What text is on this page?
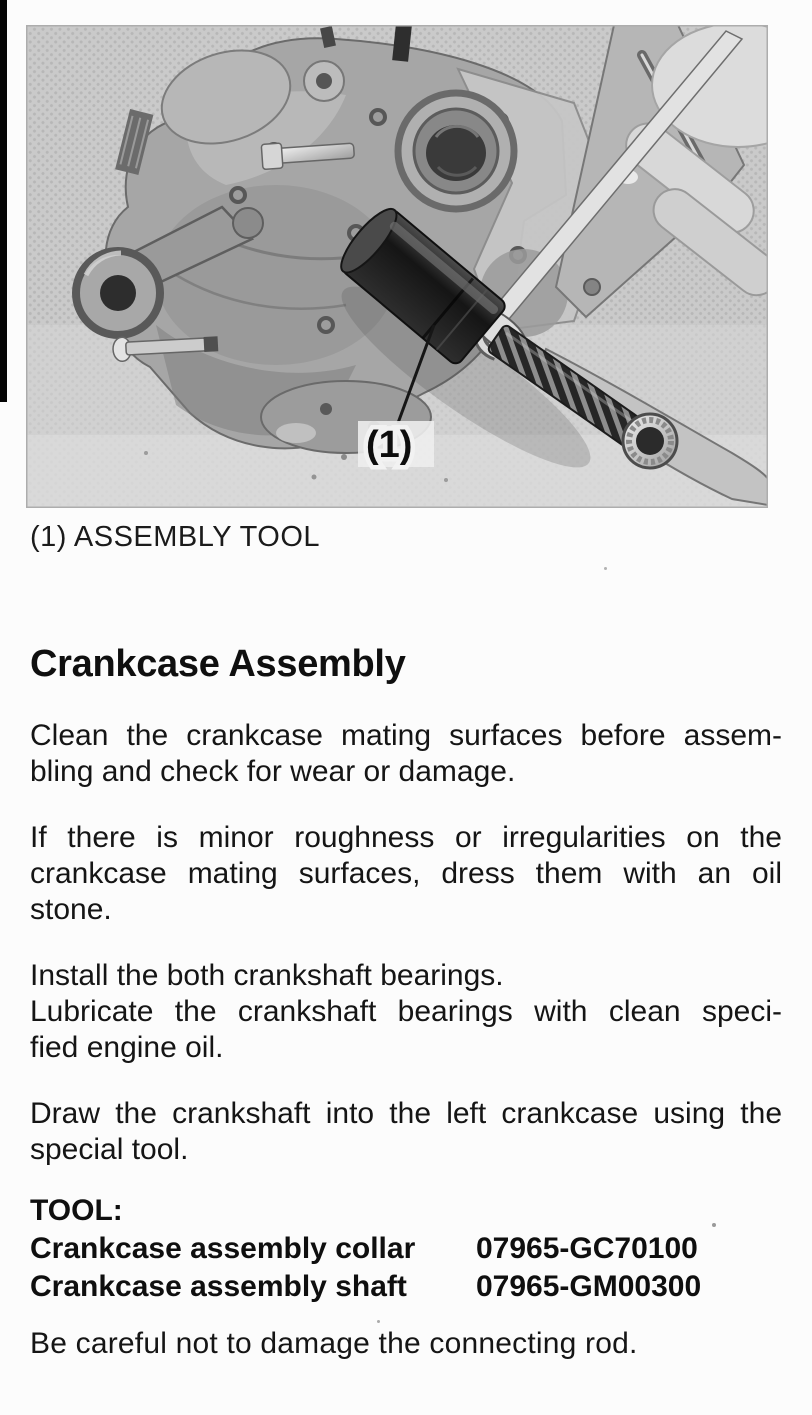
(1)
(1) ASSEMBLY TOOL
Crankcase Assembly
Clean the crankcase mating surfaces before assem-
bling and check for wear or damage.
If there is minor roughness or irregularities on the
crankcase mating surfaces, dress them with an oil
stone.
Install the both crankshaft bearings.
Lubricate the crankshaft bearings with clean speci-
fied engine oil.
Draw the crankshaft into the left crankcase using the
special tool.
TOOL:
Crankcase assembly collar	07965-GC70100
Crankcase assembly shaft	07965-GM00300

Be careful not to damage the connecting rod.
